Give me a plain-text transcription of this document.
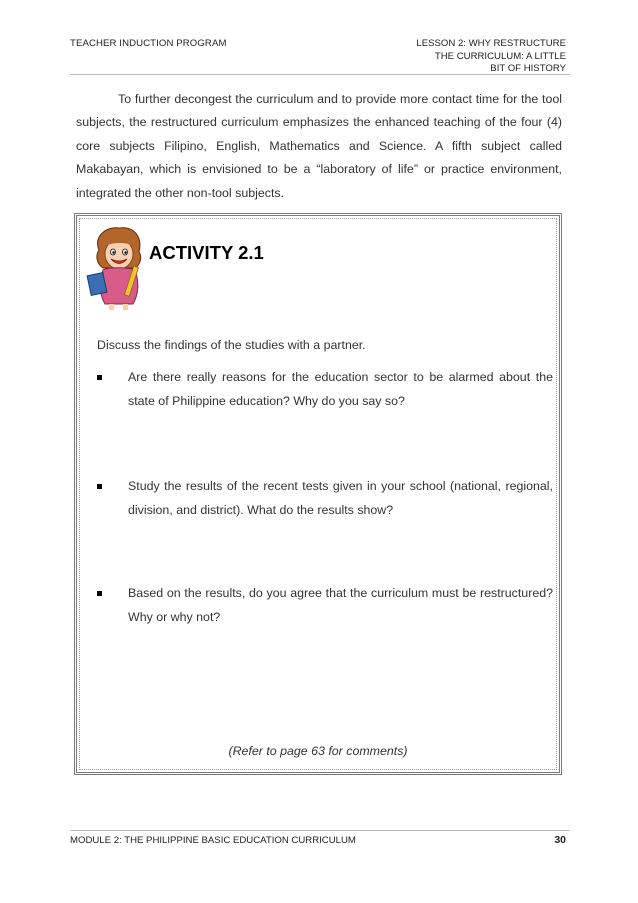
TEACHER INDUCTION PROGRAM	LESSON 2: WHY RESTRUCTURE
THE CURRICULUM: A LITTLE
BIT OF HISTORY

To further decongest the curriculum and to provide more contact time for the tool subjects, the restructured curriculum emphasizes the enhanced teaching of the four (4) core subjects Filipino, English, Mathematics and Science. A fifth subject called Makabayan, which is envisioned to be a “laboratory of life” or practice environment, integrated the other non-tool subjects.

ACTIVITY 2.1
Discuss the findings of the studies with a partner.
Are there really reasons for the education sector to be alarmed about the state of Philippine education? Why do you say so?
Study the results of the recent tests given in your school (national, regional, division, and district). What do the results show?
Based on the results, do you agree that the curriculum must be restructured? Why or why not?
(Refer to page 63 for comments)
MODULE 2: THE PHILIPPINE BASIC EDUCATION CURRICULUM	30
